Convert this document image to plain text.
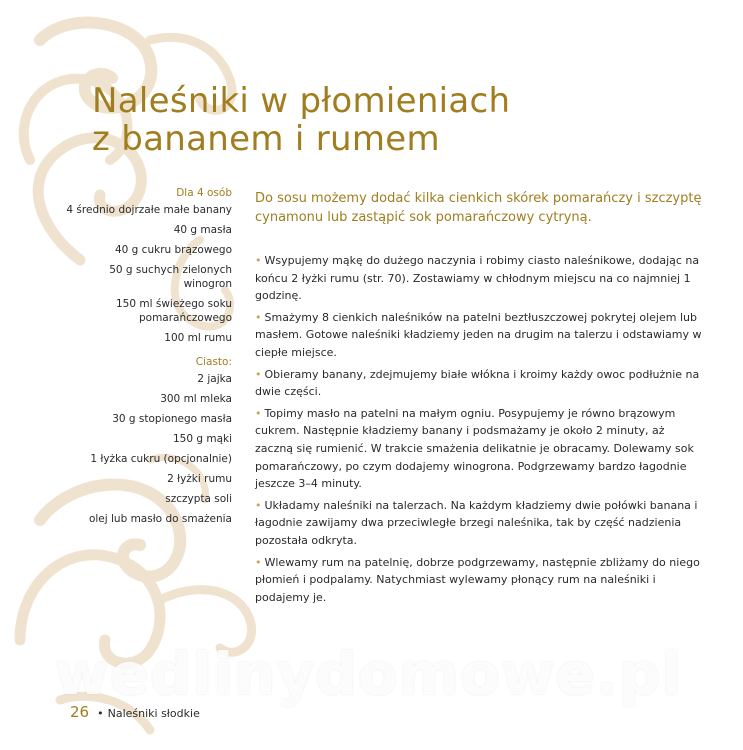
Naleśniki w płomieniach
z bananem i rumem
Dla 4 osób
4 średnio dojrzałe małe banany
40 g masła
40 g cukru brązowego
50 g suchych zielonych winogron
150 ml świeżego soku pomarańczowego
100 ml rumu
Ciasto:
2 jajka
300 ml mleka
30 g stopionego masła
150 g mąki
1 łyżka cukru (opcjonalnie)
2 łyżki rumu
szczypta soli
olej lub masło do smażenia
Do sosu możemy dodać kilka cienkich skórek pomarańczy i szczyptę cynamonu lub zastąpić sok pomarańczowy cytryną.
• Wsypujemy mąkę do dużego naczynia i robimy ciasto naleśnikowe, dodając na końcu 2 łyżki rumu (str. 70). Zostawiamy w chłodnym miejscu na co najmniej 1 godzinę.
• Smażymy 8 cienkich naleśników na patelni beztłuszczowej pokrytej olejem lub masłem. Gotowe naleśniki kładziemy jeden na drugim na talerzu i odstawiamy w ciepłe miejsce.
• Obieramy banany, zdejmujemy białe włókna i kroimy każdy owoc podłużnie na dwie części.
• Topimy masło na patelni na małym ogniu. Posypujemy je równo brązowym cukrem. Następnie kładziemy banany i podsmażamy je około 2 minuty, aż zaczną się rumienić. W trakcie smażenia delikatnie je obracamy. Dolewamy sok pomarańczowy, po czym dodajemy winogrona. Podgrzewamy bardzo łagodnie jeszcze 3–4 minuty.
• Układamy naleśniki na talerzach. Na każdym kładziemy dwie połówki banana i łagodnie zawijamy dwa przeciwległe brzegi naleśnika, tak by część nadzienia pozostała odkryta.
• Wlewamy rum na patelnię, dobrze podgrzewamy, następnie zbliżamy do niego płomień i podpalamy. Natychmiast wylewamy płonący rum na naleśniki i podajemy je.
wedlinydomowe.pl
26 • Naleśniki słodkie
